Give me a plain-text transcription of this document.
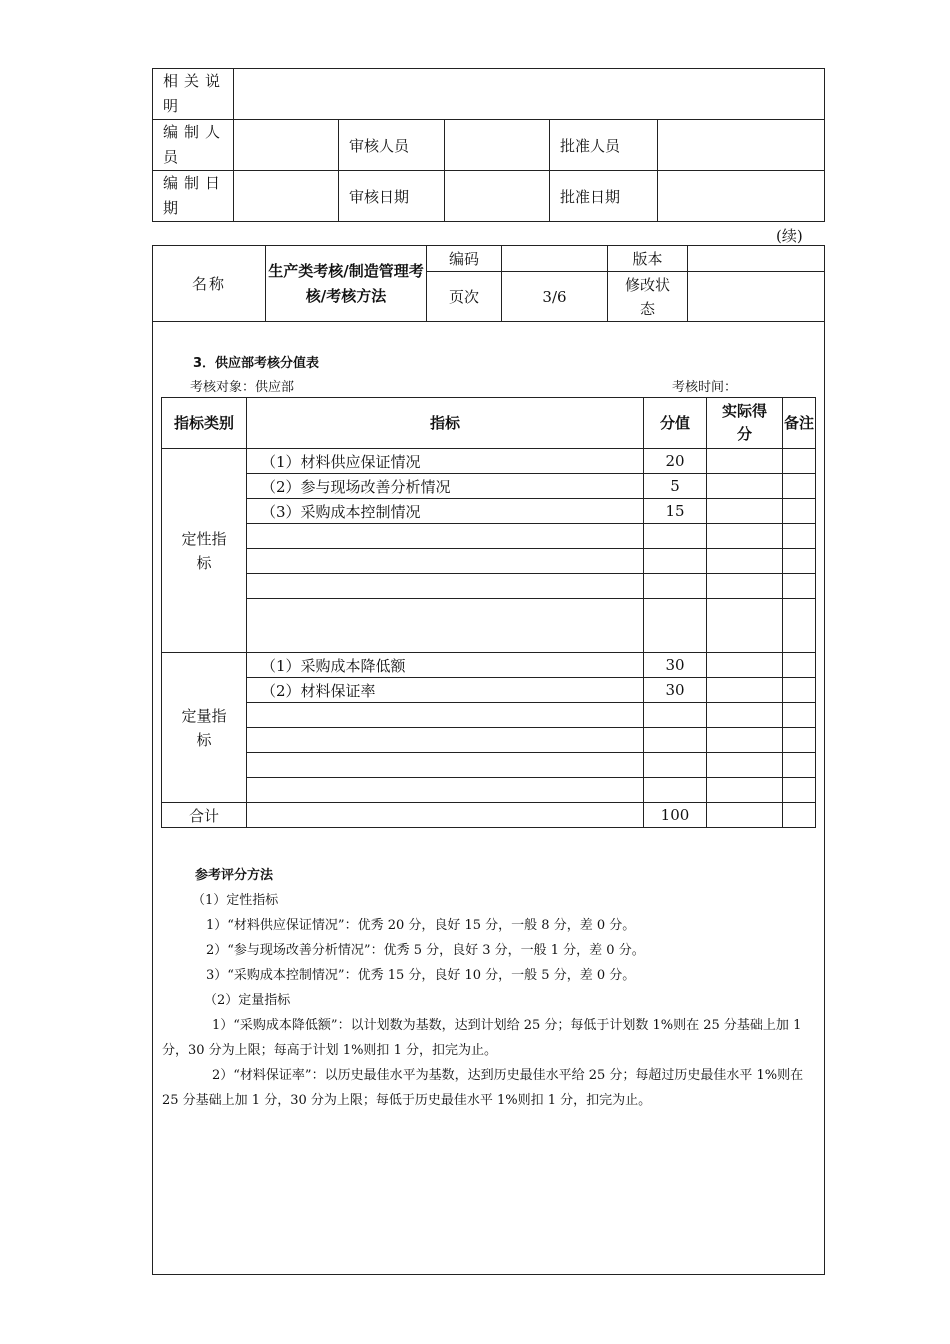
相关说明					
编制人员		审核人员		批准人员	
编制日期		审核日期		批准日期	
(续)
名称	生产类考核/制造管理考核/考核方法	编码		版本	
		页次	3/6	修改状态	
3．供应部考核分值表
考核对象：供应部	考核时间：
指标类别	指标	分值	实际得分	备注
定性指标	（1）材料供应保证情况	20		
	（2）参与现场改善分析情况	5		
	（3）采购成本控制情况	15		

定量指标	（1）采购成本降低额	30		
	（2）材料保证率	30		

合计		100		

参考评分方法

（1）定性指标

1）“材料供应保证情况”：优秀 20 分，良好 15 分，一般 8 分，差 0 分。

2）“参与现场改善分析情况”：优秀 5 分，良好 3 分，一般 1 分，差 0 分。

3）“采购成本控制情况”：优秀 15 分，良好 10 分，一般 5 分，差 0 分。

（2）定量指标

1）“采购成本降低额”：以计划数为基数，达到计划给 25 分；每低于计划数 1%则在 25 分基础上加 1 分，30 分为上限；每高于计划 1%则扣 1 分，扣完为止。

2）“材料保证率”：以历史最佳水平为基数，达到历史最佳水平给 25 分；每超过历史最佳水平 1%则在 25 分基础上加 1 分，30 分为上限；每低于历史最佳水平 1%则扣 1 分，扣完为止。
